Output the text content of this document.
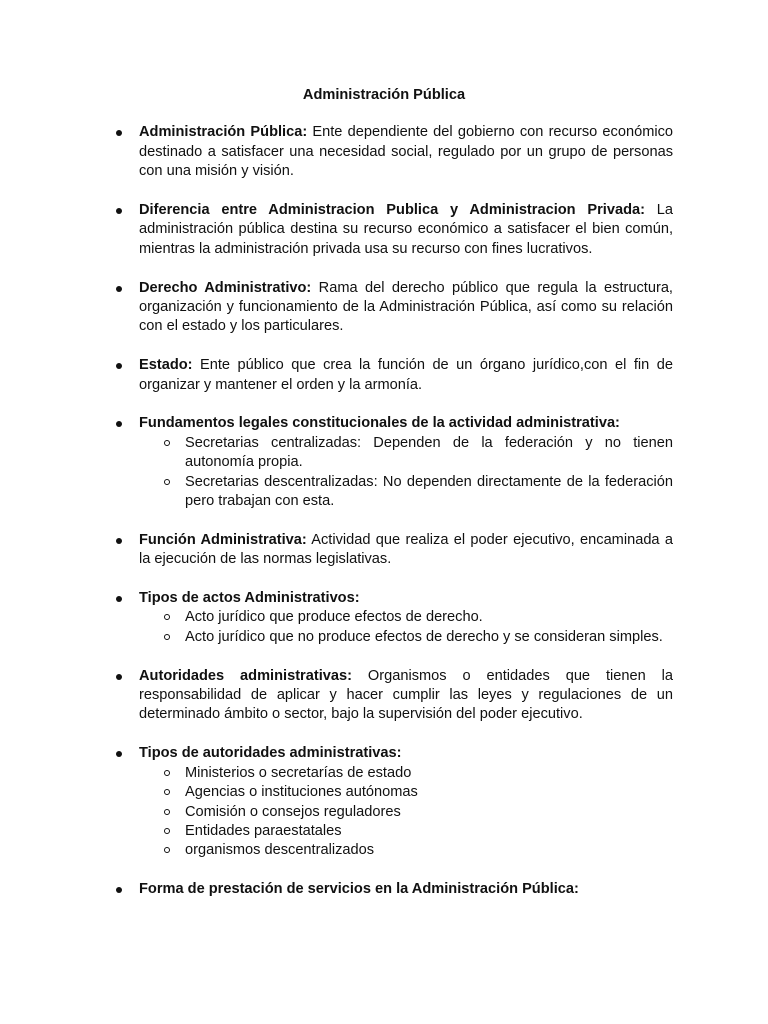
Administración Pública
Administración Pública: Ente dependiente del gobierno con recurso económico destinado a satisfacer una necesidad social, regulado por un grupo de personas con una misión y visión.
Diferencia entre Administracion Publica y Administracion Privada: La administración pública destina su recurso económico a satisfacer el bien común, mientras la administración privada usa su recurso con fines lucrativos.
Derecho Administrativo: Rama del derecho público que regula la estructura, organización y funcionamiento de la Administración Pública, así como su relación con el estado y los particulares.
Estado: Ente público que crea la función de un órgano jurídico,con el fin de organizar y mantener el orden y la armonía.
Fundamentos legales constitucionales de la actividad administrativa:
Secretarias centralizadas: Dependen de la federación y no tienen autonomía propia.
Secretarias descentralizadas: No dependen directamente de la federación pero trabajan con esta.
Función Administrativa: Actividad que realiza el poder ejecutivo, encaminada a la ejecución de las normas legislativas.
Tipos de actos Administrativos:
Acto jurídico que produce efectos de derecho.
Acto jurídico que no produce efectos de derecho y se consideran simples.
Autoridades administrativas: Organismos o entidades que tienen la responsabilidad de aplicar y hacer cumplir las leyes y regulaciones de un determinado ámbito o sector, bajo la supervisión del poder ejecutivo.
Tipos de autoridades administrativas:
Ministerios o secretarías de estado
Agencias o instituciones autónomas
Comisión o consejos reguladores
Entidades paraestatales
organismos descentralizados
Forma de prestación de servicios en la Administración Pública:
